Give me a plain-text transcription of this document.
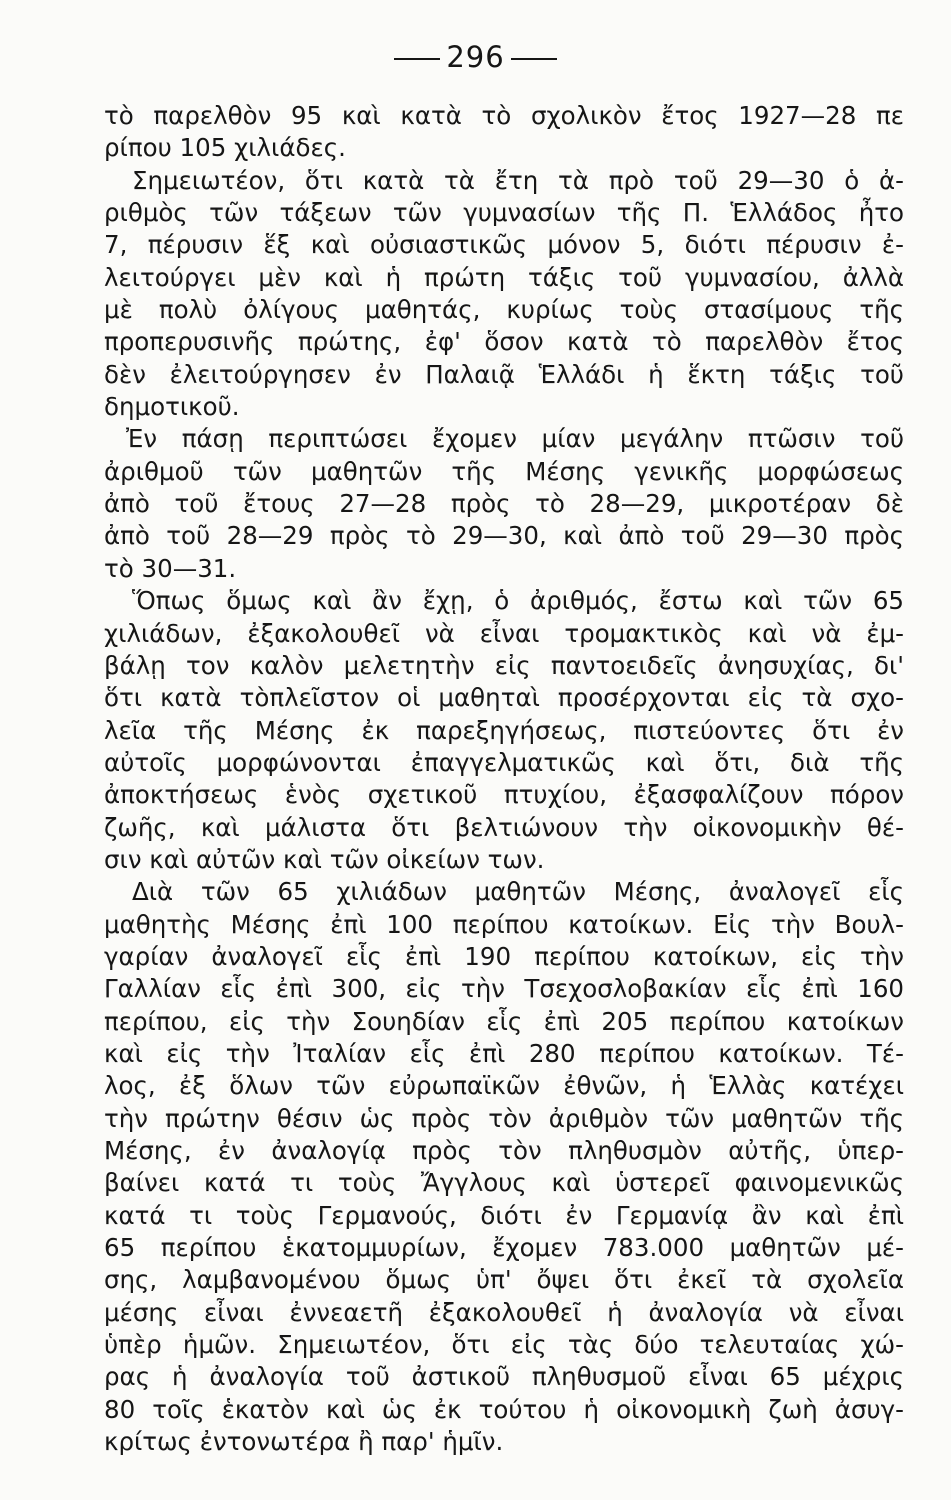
296
τὸ παρελθὸν 95 καὶ κατὰ τὸ σχολικὸν ἔτος 1927—28 πε
ρίπου 105 χιλιάδες.
Σημειωτέον, ὅτι κατὰ τὰ ἔτη τὰ πρὸ τοῦ 29—30 ὁ ἀ-
ριθμὸς τῶν τάξεων τῶν γυμνασίων τῆς Π. Ἑλλάδος ἦτο
7, πέρυσιν ἕξ καὶ οὐσιαστικῶς μόνον 5, διότι πέρυσιν ἐ-
λειτούργει μὲν καὶ ἡ πρώτη τάξις τοῦ γυμνασίου, ἀλλὰ
μὲ πολὺ ὀλίγους μαθητάς, κυρίως τοὺς στασίμους τῆς
προπερυσινῆς πρώτης, ἐφ' ὅσον κατὰ τὸ παρελθὸν ἔτος
δὲν ἐλειτούργησεν ἐν Παλαιᾷ Ἑλλάδι ἡ ἕκτη τάξις τοῦ
δημοτικοῦ.
Ἐν πάσῃ περιπτώσει ἔχομεν μίαν μεγάλην πτῶσιν τοῦ
ἀριθμοῦ τῶν μαθητῶν τῆς Μέσης γενικῆς μορφώσεως
ἀπὸ τοῦ ἔτους 27—28 πρὸς τὸ 28—29, μικροτέραν δὲ
ἀπὸ τοῦ 28—29 πρὸς τὸ 29—30, καὶ ἀπὸ τοῦ 29—30 πρὸς
τὸ 30—31.
Ὅπως ὅμως καὶ ἂν ἔχῃ, ὁ ἀριθμός, ἔστω καὶ τῶν 65
χιλιάδων, ἐξακολουθεῖ νὰ εἶναι τρομακτικὸς καὶ νὰ ἐμ-
βάλῃ τον καλὸν μελετητὴν εἰς παντοειδεῖς ἀνησυχίας, δι'
ὅτι κατὰ τὸπλεῖστον οἱ μαθηταὶ προσέρχονται εἰς τὰ σχο-
λεῖα τῆς Μέσης ἐκ παρεξηγήσεως, πιστεύοντες ὅτι ἐν
αὐτοῖς μορφώνονται ἐπαγγελματικῶς καὶ ὅτι, διὰ τῆς
ἀποκτήσεως ἑνὸς σχετικοῦ πτυχίου, ἐξασφαλίζουν πόρον
ζωῆς, καὶ μάλιστα ὅτι βελτιώνουν τὴν οἰκονομικὴν θέ-
σιν καὶ αὐτῶν καὶ τῶν οἰκείων των.
Διὰ τῶν 65 χιλιάδων μαθητῶν Μέσης, ἀναλογεῖ εἷς
μαθητὴς Μέσης ἐπὶ 100 περίπου κατοίκων. Εἰς τὴν Βουλ-
γαρίαν ἀναλογεῖ εἷς ἐπὶ 190 περίπου κατοίκων, εἰς τὴν
Γαλλίαν εἷς ἐπὶ 300, εἰς τὴν Τσεχοσλοβακίαν εἷς ἐπὶ 160
περίπου, εἰς τὴν Σουηδίαν εἷς ἐπὶ 205 περίπου κατοίκων
καὶ εἰς τὴν Ἰταλίαν εἷς ἐπὶ 280 περίπου κατοίκων. Τέ-
λος, ἐξ ὅλων τῶν εὐρωπαϊκῶν ἐθνῶν, ἡ Ἑλλὰς κατέχει
τὴν πρώτην θέσιν ὡς πρὸς τὸν ἀριθμὸν τῶν μαθητῶν τῆς
Μέσης, ἐν ἀναλογίᾳ πρὸς τὸν πληθυσμὸν αὐτῆς, ὑπερ-
βαίνει κατά τι τοὺς Ἄγγλους καὶ ὑστερεῖ φαινομενικῶς
κατά τι τοὺς Γερμανούς, διότι ἐν Γερμανίᾳ ἂν καὶ ἐπὶ
65 περίπου ἑκατομμυρίων, ἔχομεν 783.000 μαθητῶν μέ-
σης, λαμβανομένου ὅμως ὑπ' ὄψει ὅτι ἐκεῖ τὰ σχολεῖα
μέσης εἶναι ἐννεαετῆ ἐξακολουθεῖ ἡ ἀναλογία νὰ εἶναι
ὑπὲρ ἡμῶν. Σημειωτέον, ὅτι εἰς τὰς δύο τελευταίας χώ-
ρας ἡ ἀναλογία τοῦ ἀστικοῦ πληθυσμοῦ εἶναι 65 μέχρις
80 τοῖς ἑκατὸν καὶ ὡς ἐκ τούτου ἡ οἰκονομικὴ ζωὴ ἀσυγ-
κρίτως ἐντονωτέρα ἢ παρ' ἡμῖν.
